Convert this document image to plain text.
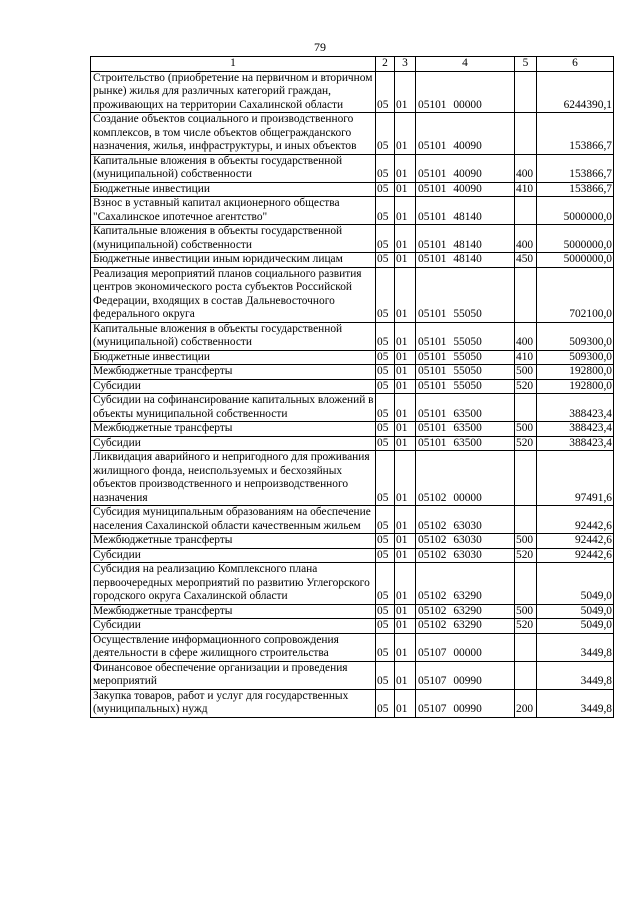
79
1	2	3	4	5	6
Строительство (приобретение на первичном и вторичном рынке) жилья для различных категорий граждан, проживающих на территории Сахалинской области	05	01	05101 00000		6244390,1
Создание объектов социального и производственного комплексов, в том числе объектов общегражданского назначения, жилья, инфраструктуры, и иных объектов	05	01	05101 40090		153866,7
Капитальные вложения в объекты государственной (муниципальной) собственности	05	01	05101 40090	400	153866,7
Бюджетные инвестиции	05	01	05101 40090	410	153866,7
Взнос в уставный капитал акционерного общества "Сахалинское ипотечное агентство"	05	01	05101 48140		5000000,0
Капитальные вложения в объекты государственной (муниципальной) собственности	05	01	05101 48140	400	5000000,0
Бюджетные инвестиции иным юридическим лицам	05	01	05101 48140	450	5000000,0
Реализация мероприятий планов социального развития центров экономического роста субъектов Российской Федерации, входящих в состав Дальневосточного федерального округа	05	01	05101 55050		702100,0
Капитальные вложения в объекты государственной (муниципальной) собственности	05	01	05101 55050	400	509300,0
Бюджетные инвестиции	05	01	05101 55050	410	509300,0
Межбюджетные трансферты	05	01	05101 55050	500	192800,0
Субсидии	05	01	05101 55050	520	192800,0
Субсидии на софинансирование капитальных вложений в объекты муниципальной собственности	05	01	05101 63500		388423,4
Межбюджетные трансферты	05	01	05101 63500	500	388423,4
Субсидии	05	01	05101 63500	520	388423,4
Ликвидация аварийного и непригодного для проживания жилищного фонда, неиспользуемых и бесхозяйных объектов производственного и непроизводственного назначения	05	01	05102 00000		97491,6
Субсидия муниципальным образованиям на обеспечение населения Сахалинской области качественным жильем	05	01	05102 63030		92442,6
Межбюджетные трансферты	05	01	05102 63030	500	92442,6
Субсидии	05	01	05102 63030	520	92442,6
Субсидия на реализацию Комплексного плана первоочередных мероприятий по развитию Углегорского городского округа Сахалинской области	05	01	05102 63290		5049,0
Межбюджетные трансферты	05	01	05102 63290	500	5049,0
Субсидии	05	01	05102 63290	520	5049,0
Осуществление информационного сопровождения деятельности в сфере жилищного строительства	05	01	05107 00000		3449,8
Финансовое обеспечение организации и проведения мероприятий	05	01	05107 00990		3449,8
Закупка товаров, работ и услуг для государственных (муниципальных) нужд	05	01	05107 00990	200	3449,8
